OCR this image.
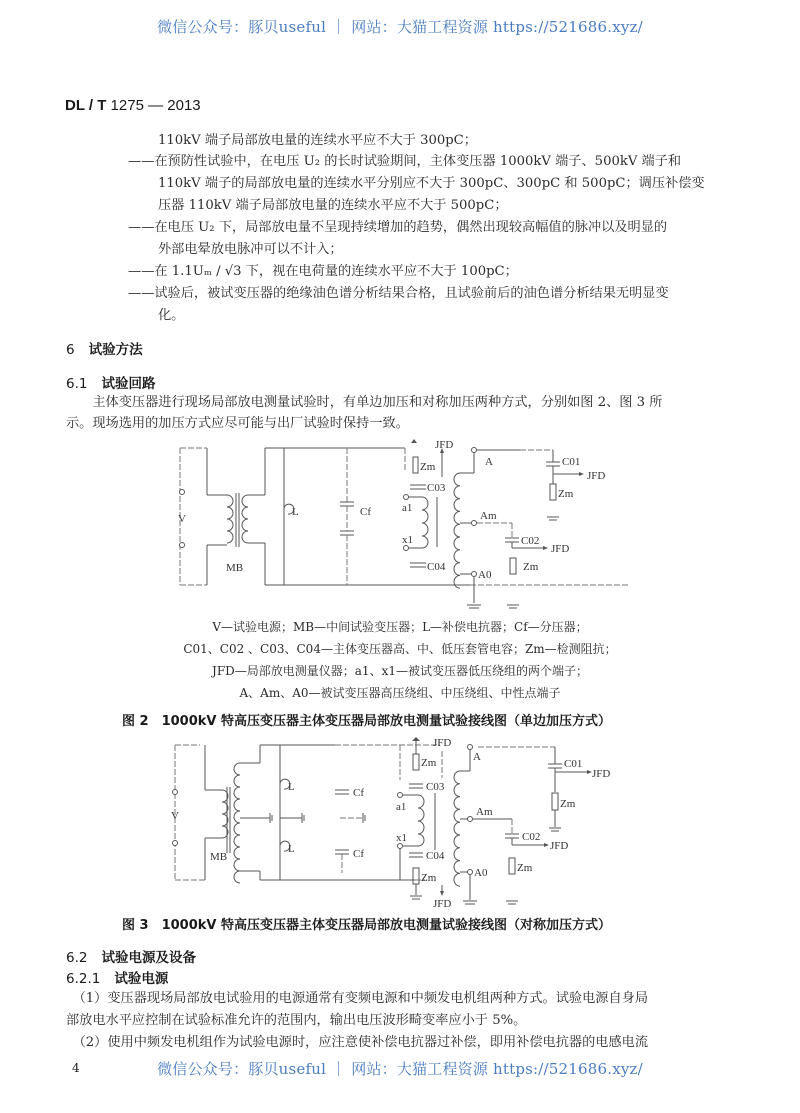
微信公众号：豚贝useful ｜ 网站：大猫工程资源 https://521686.xyz/
DL / T 1275 — 2013
110kV 端子局部放电量的连续水平应不大于 300pC；
——在预防性试验中，在电压 U₂ 的长时试验期间，主体变压器 1000kV 端子、500kV 端子和
110kV 端子的局部放电量的连续水平分别应不大于 300pC、300pC 和 500pC；调压补偿变
压器 110kV 端子局部放电量的连续水平应不大于 500pC；
——在电压 U₂ 下，局部放电量不呈现持续增加的趋势，偶然出现较高幅值的脉冲以及明显的
外部电晕放电脉冲可以不计入；
——在 1.1Uₘ / √3 下，视在电荷量的连续水平应不大于 100pC；
——试验后，被试变压器的绝缘油色谱分析结果合格，且试验前后的油色谱分析结果无明显变
化。
6 试验方法
6.1 试验回路
　　主体变压器进行现场局部放电测量试验时，有单边加压和对称加压两种方式，分别如图 2、图 3 所
示。现场选用的加压方式应尽可能与出厂试验时保持一致。
V
MB
L	Cf
Zm
JFD
C03
a1
x1
C04
A
Am
A0
C01
JFD
Zm
C02
JFD
Zm
V—试验电源；MB—中间试验变压器；L—补偿电抗器；Cf—分压器；
C01、C02 、C03、C04—主体变压器高、中、低压套管电容；Zm—检测阻抗；
JFD—局部放电测量仪器；a1、x1—被试变压器低压绕组的两个端子；
A、Am、A0—被试变压器高压绕组、中压绕组、中性点端子
图 2　1000kV 特高压变压器主体变压器局部放电测量试验接线图（单边加压方式）
V
MB
L
L
Cf
Cf
Zm
JFD
C03
a1
x1
C04
Zm
JFD
A
Am
A0
C01
JFD
Zm
C02
JFD
Zm
图 3　1000kV 特高压变压器主体变压器局部放电测量试验接线图（对称加压方式）
6.2 试验电源及设备
6.2.1 试验电源
　（1）变压器现场局部放电试验用的电源通常有变频电源和中频发电机组两种方式。试验电源自身局
部放电水平应控制在试验标准允许的范围内，输出电压波形畸变率应小于 5%。
　（2）使用中频发电机组作为试验电源时，应注意使补偿电抗器过补偿，即用补偿电抗器的电感电流
4	微信公众号：豚贝useful ｜ 网站：大猫工程资源 https://521686.xyz/
